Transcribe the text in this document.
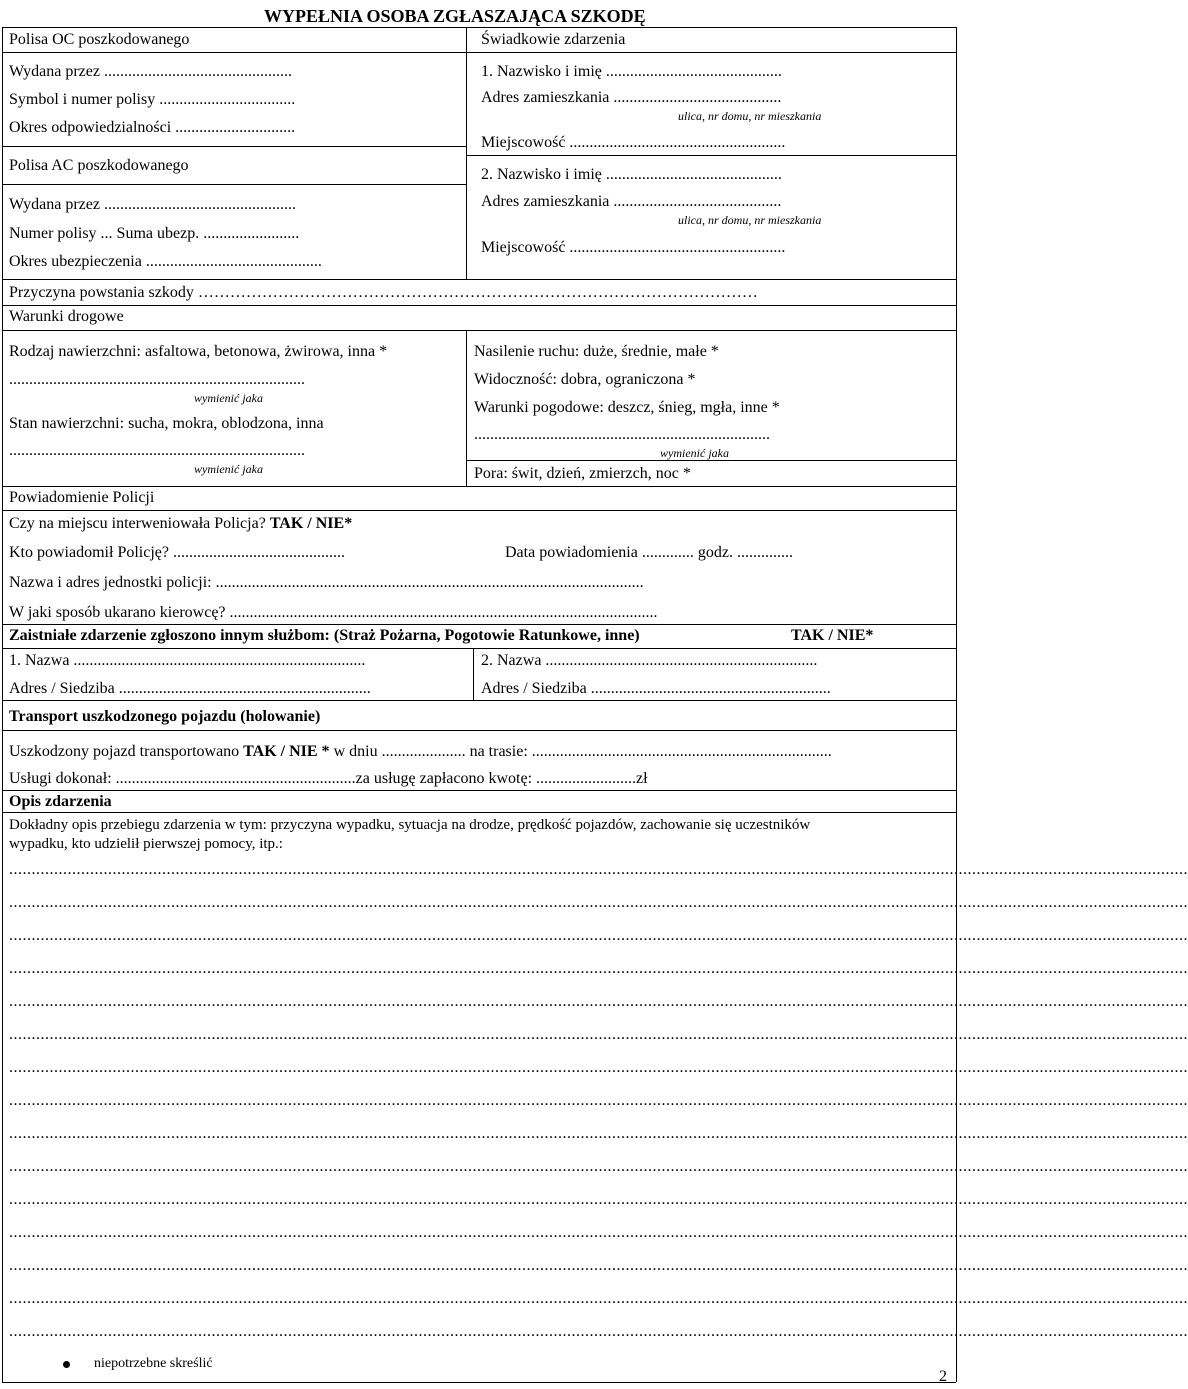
WYPEŁNIA OSOBA ZGŁASZAJĄCA SZKODĘ
Polisa OC poszkodowanego
Wydana przez ...............................................
Symbol i numer polisy ..................................
Okres odpowiedzialności ..............................
Polisa AC poszkodowanego
Wydana przez ................................................
Numer polisy ... Suma ubezp. ........................
Okres ubezpieczenia ............................................
Świadkowie zdarzenia
1. Nazwisko i imię ............................................
Adres zamieszkania ..........................................
ulica, nr domu, nr mieszkania
Miejscowość ......................................................
2. Nazwisko i imię ............................................
Adres zamieszkania ..........................................
ulica, nr domu, nr mieszkania
Miejscowość ......................................................
Przyczyna powstania szkody ……………………………………………………………………………………………
Warunki drogowe
Rodzaj nawierzchni: asfaltowa, betonowa, żwirowa, inna *
..........................................................................
wymienić jaka
Stan nawierzchni: sucha, mokra, oblodzona, inna
..........................................................................
wymienić jaka
Nasilenie ruchu: duże, średnie, małe *
Widoczność: dobra, ograniczona *
Warunki pogodowe: deszcz, śnieg, mgła, inne *
..........................................................................
wymienić jaka
Pora: świt, dzień, zmierzch, noc *
Powiadomienie Policji
Czy na miejscu interweniowała Policja? TAK / NIE*
Kto powiadomił Policję? ...........................................	Data powiadomienia ............. godz. ..............
Nazwa i adres jednostki policji: ...........................................................................................................
W jaki sposób ukarano kierowcę? ...........................................................................................................
Zaistniałe zdarzenie zgłoszono innym służbom: (Straż Pożarna, Pogotowie Ratunkowe, inne)	TAK / NIE*
1. Nazwa .........................................................................	2. Nazwa ....................................................................
Adres / Siedziba ...............................................................	Adres / Siedziba ............................................................
Transport uszkodzonego pojazdu (holowanie)
Uszkodzony pojazd transportowano TAK / NIE * w dniu ..................... na trasie: ...........................................................................
Usługi dokonał: ............................................................za usługę zapłacono kwotę: .........................zł
Opis zdarzenia
Dokładny opis przebiegu zdarzenia w tym: przyczyna wypadku, sytuacja na drodze, prędkość pojazdów, zachowanie się uczestników
wypadku, kto udzielił pierwszej pomocy, itp.:
......................................................................................................................................................................................................................................................................
......................................................................................................................................................................................................................................................................
......................................................................................................................................................................................................................................................................
......................................................................................................................................................................................................................................................................
......................................................................................................................................................................................................................................................................
......................................................................................................................................................................................................................................................................
......................................................................................................................................................................................................................................................................
......................................................................................................................................................................................................................................................................
......................................................................................................................................................................................................................................................................
......................................................................................................................................................................................................................................................................
......................................................................................................................................................................................................................................................................
......................................................................................................................................................................................................................................................................
......................................................................................................................................................................................................................................................................
......................................................................................................................................................................................................................................................................
......................................................................................................................................................................................................................................................................
niepotrzebne skreślić
2
